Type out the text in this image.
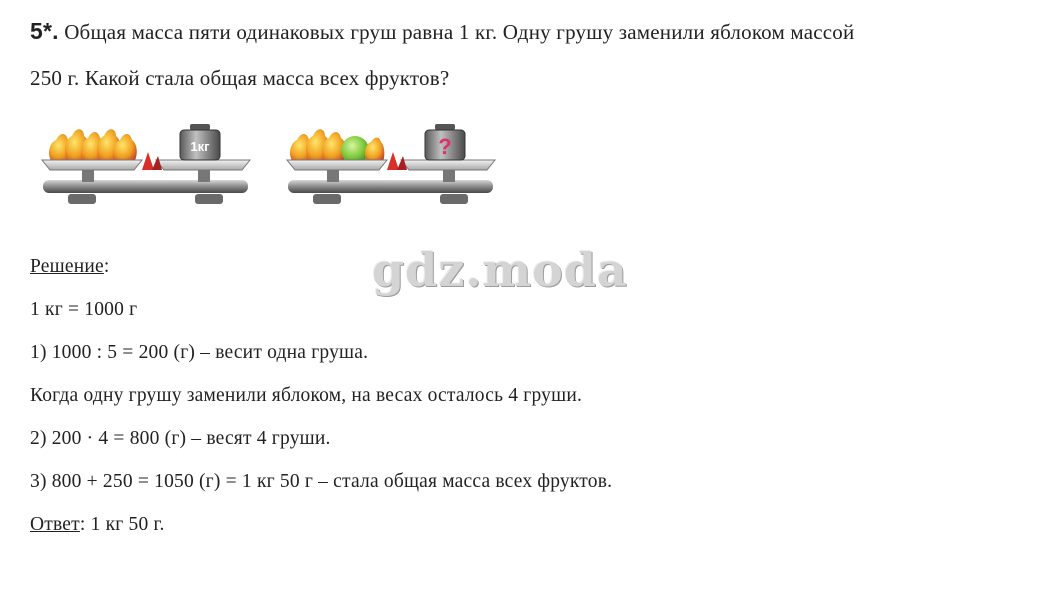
5*. Общая масса пяти одинаковых груш равна 1 кг. Одну грушу заменили яблоком массой
250 г. Какой стала общая масса всех фруктов?
1кг	?
gdz.moda
Решение:
1 кг = 1000 г
1) 1000 : 5 = 200 (г) – весит одна груша.
Когда одну грушу заменили яблоком, на весах осталось 4 груши.
2) 200 · 4 = 800 (г) – весят 4 груши.
3) 800 + 250 = 1050 (г) = 1 кг 50 г – стала общая масса всех фруктов.
Ответ: 1 кг 50 г.
